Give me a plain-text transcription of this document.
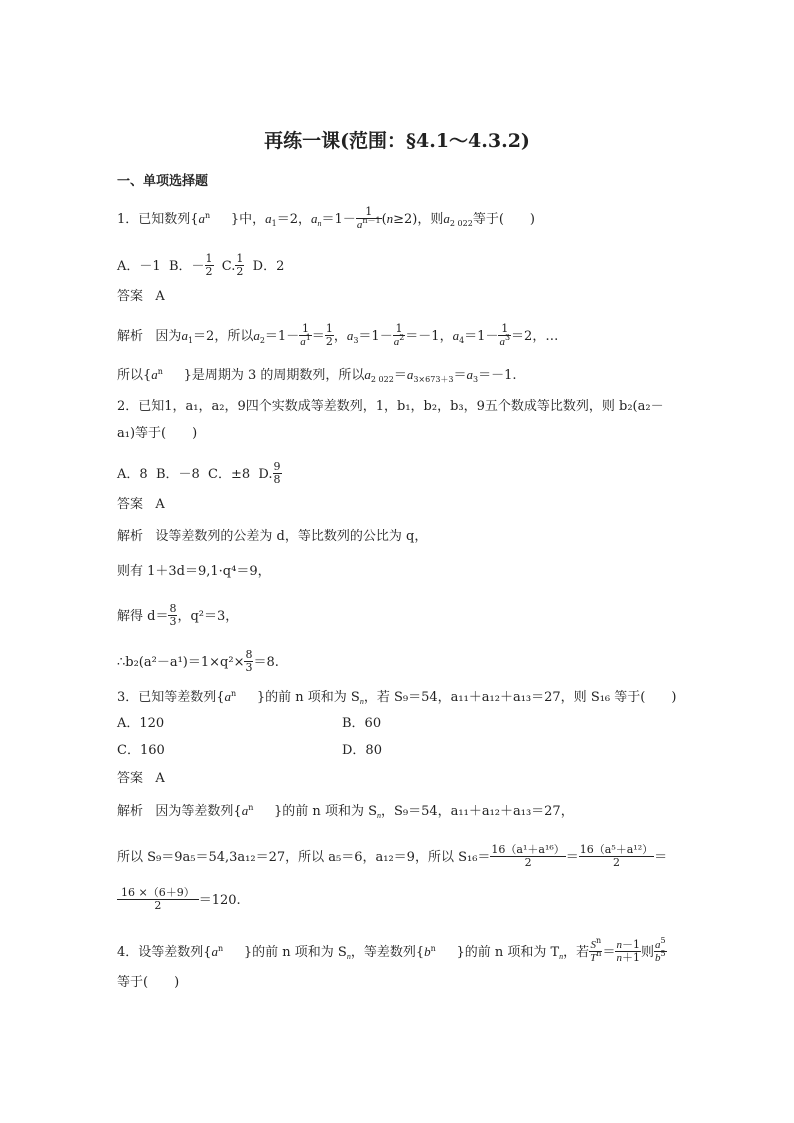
再练一课(范围：§4.1～4.3.2)
一、单项选择题
1．已知数列{$a^n$ }中，$a_1=2$，$a_n=1- \frac{1}{a^{n-1}} (n\ge 2)$，则$a_{2 022}$等于(　　)
A．－1 B．－ $\frac{1}{2} C$. $\frac{1}{2}$ D．2
答案 A
解析 因为$a_1=2$，所以$a_2=1- \frac{1}{a^1} = \frac{1}{2}$ ，$a_3=1- \frac{1}{a^2} =-1$，$a_4=1- \frac{1}{a^3} =2$，…
所以{$a^n$ }是周期为 3 的周期数列，所以$a_{2 022}=a_{3\times 673+3}=a_3=-1$.
2．已知1，a₁，a₂，9四个实数成等差数列，1，b₁，b₂，b₃，9五个数成等比数列，则 b₂(a₂－
a₁)等于(　　)
A．8 B．－8 C．±8 D. $\frac{9}{8}$
答案 A
解析 设等差数列的公差为 d，等比数列的公比为 q，
则有 1＋3d＝9,1·q⁴＝9，
解得 $d= \frac{8}{3}$ ，q²＝3，
∴b₂(a²－a¹)＝1×q²× $\frac{8}{3} =8$.
3．已知等差数列{$a^n$ }的前 n 项和为 $S_n$，若 S₉＝54，a₁₁＋a₁₂＋a₁₃＝27，则 S₁₆ 等于(　　)
A．120	B．60
C．160	D．80
答案 A
解析 因为等差数列{$a^n$ }的前 n 项和为 $S_n$，S₉＝54，a₁₁＋a₁₂＋a₁₃＝27，
所以 S₉＝9a₅＝54,3a₁₂＝27，所以 a₅＝6，a₁₂＝9，所以 $S_{16}= \frac{\text{16（a¹＋a¹⁶）}}{2} = \frac{\text{16（a⁵＋a¹²）}}{2}$ ＝
$\frac{16 \times(6+9)}{2} =120$.
4．设等差数列{$a^n$ }的前 n 项和为 $S_n$，等差数列{$b^n$ }的前 n 项和为 $T_n$，若 $\frac{S^n}{T^n} = \frac{n-1}{n+1}$ 则 $\frac{a^5}{b^5}$
等于(　　)
